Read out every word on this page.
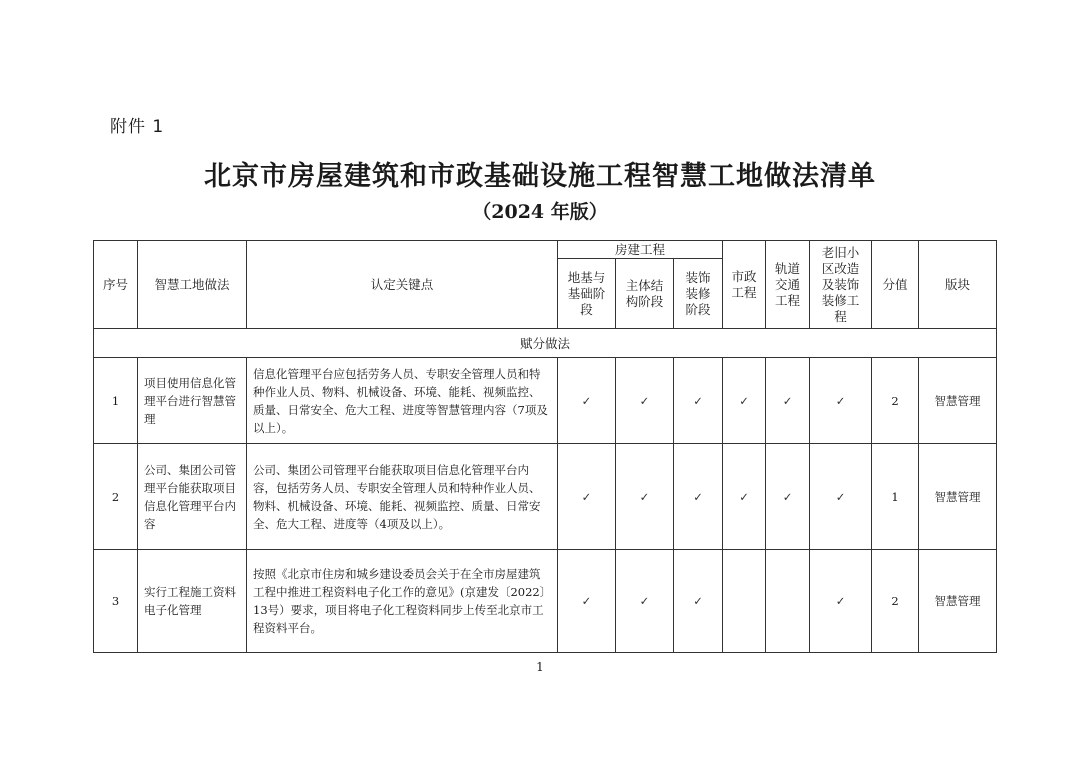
附件 1
北京市房屋建筑和市政基础设施工程智慧工地做法清单
（2024 年版）
序号	智慧工地做法	认定关键点	房建工程			市政工程	轨道交通工程	老旧小区改造及装饰装修工程	分值	版块

			地基与基础阶段	主体结构阶段	装饰装修阶段					

赋分做法										
1	项目使用信息化管理平台进行智慧管理	信息化管理平台应包括劳务人员、专职安全管理人员和特种作业人员、物料、机械设备、环境、能耗、视频监控、质量、日常安全、危大工程、进度等智慧管理内容（7项及以上）。	✓	✓	✓	✓	✓	✓	2	智慧管理
2	公司、集团公司管理平台能获取项目信息化管理平台内容	公司、集团公司管理平台能获取项目信息化管理平台内容，包括劳务人员、专职安全管理人员和特种作业人员、物料、机械设备、环境、能耗、视频监控、质量、日常安全、危大工程、进度等（4项及以上）。	✓	✓	✓	✓	✓	✓	1	智慧管理
3	实行工程施工资料电子化管理	按照《北京市住房和城乡建设委员会关于在全市房屋建筑工程中推进工程资料电子化工作的意见》(京建发〔2022〕13号）要求，项目将电子化工程资料同步上传至北京市工程资料平台。	✓	✓	✓			✓	2	智慧管理
1
